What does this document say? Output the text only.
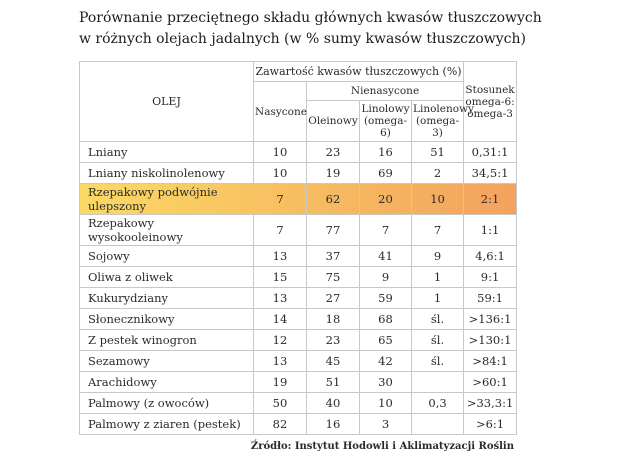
Porównanie przeciętnego składu głównych kwasów tłuszczowych
w różnych olejach jadalnych (w % sumy kwasów tłuszczowych)
OLEJ	Zawartość kwasów tłuszczowych (%)				Stosunek omega-6: omega-3
	Nasycone	Nienasycone			
		Oleinowy	Linolowy (omega-6)	Linolenowy (omega-3)	
Lniany	10	23	16	51	0,31:1
Lniany niskolinolenowy	10	19	69	2	34,5:1
Rzepakowy podwójnie ulepszony	7	62	20	10	2:1
Rzepakowy wysokooleinowy	7	77	7	7	1:1
Sojowy	13	37	41	9	4,6:1
Oliwa z oliwek	15	75	9	1	9:1
Kukurydziany	13	27	59	1	59:1
Słonecznikowy	14	18	68	śl.	>136:1
Z pestek winogron	12	23	65	śl.	>130:1
Sezamowy	13	45	42	śl.	>84:1
Arachidowy	19	51	30		>60:1
Palmowy (z owoców)	50	40	10	0,3	>33,3:1
Palmowy z ziaren (pestek)	82	16	3		>6:1
Źródło: Instytut Hodowli i Aklimatyzacji Roślin
